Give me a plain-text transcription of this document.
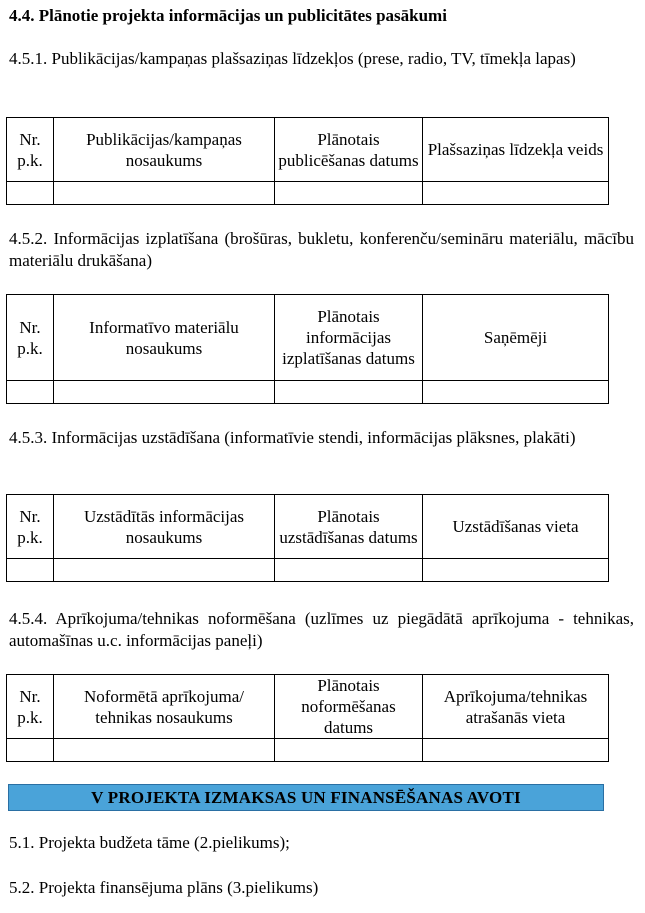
4.4. Plānotie projekta informācijas un publicitātes pasākumi
4.5.1. Publikācijas/kampaņas plašsaziņas līdzekļos (prese, radio, TV, tīmekļa lapas)
Nr. p.k.	Publikācijas/kampaņas nosaukums	Plānotais publicēšanas datums	Plašsaziņas līdzekļa veids

4.5.2. Informācijas izplatīšana (brošūras, bukletu, konferenču/semināru materiālu, mācību materiālu drukāšana)
Nr. p.k.	Informatīvo materiālu nosaukums	Plānotais informācijas izplatīšanas datums	Saņēmēji

4.5.3. Informācijas uzstādīšana (informatīvie stendi, informācijas plāksnes, plakāti)
Nr. p.k.	Uzstādītās informācijas nosaukums	Plānotais uzstādīšanas datums	Uzstādīšanas vieta

4.5.4. Aprīkojuma/tehnikas noformēšana (uzlīmes uz piegādātā aprīkojuma - tehnikas, automašīnas u.c. informācijas paneļi)
Nr. p.k.	Noformētā aprīkojuma/ tehnikas nosaukums	Plānotais noformēšanas datums	Aprīkojuma/tehnikas atrašanās vieta

V PROJEKTA IZMAKSAS UN FINANSĒŠANAS AVOTI
5.1. Projekta budžeta tāme (2.pielikums);
5.2. Projekta finansējuma plāns (3.pielikums)
